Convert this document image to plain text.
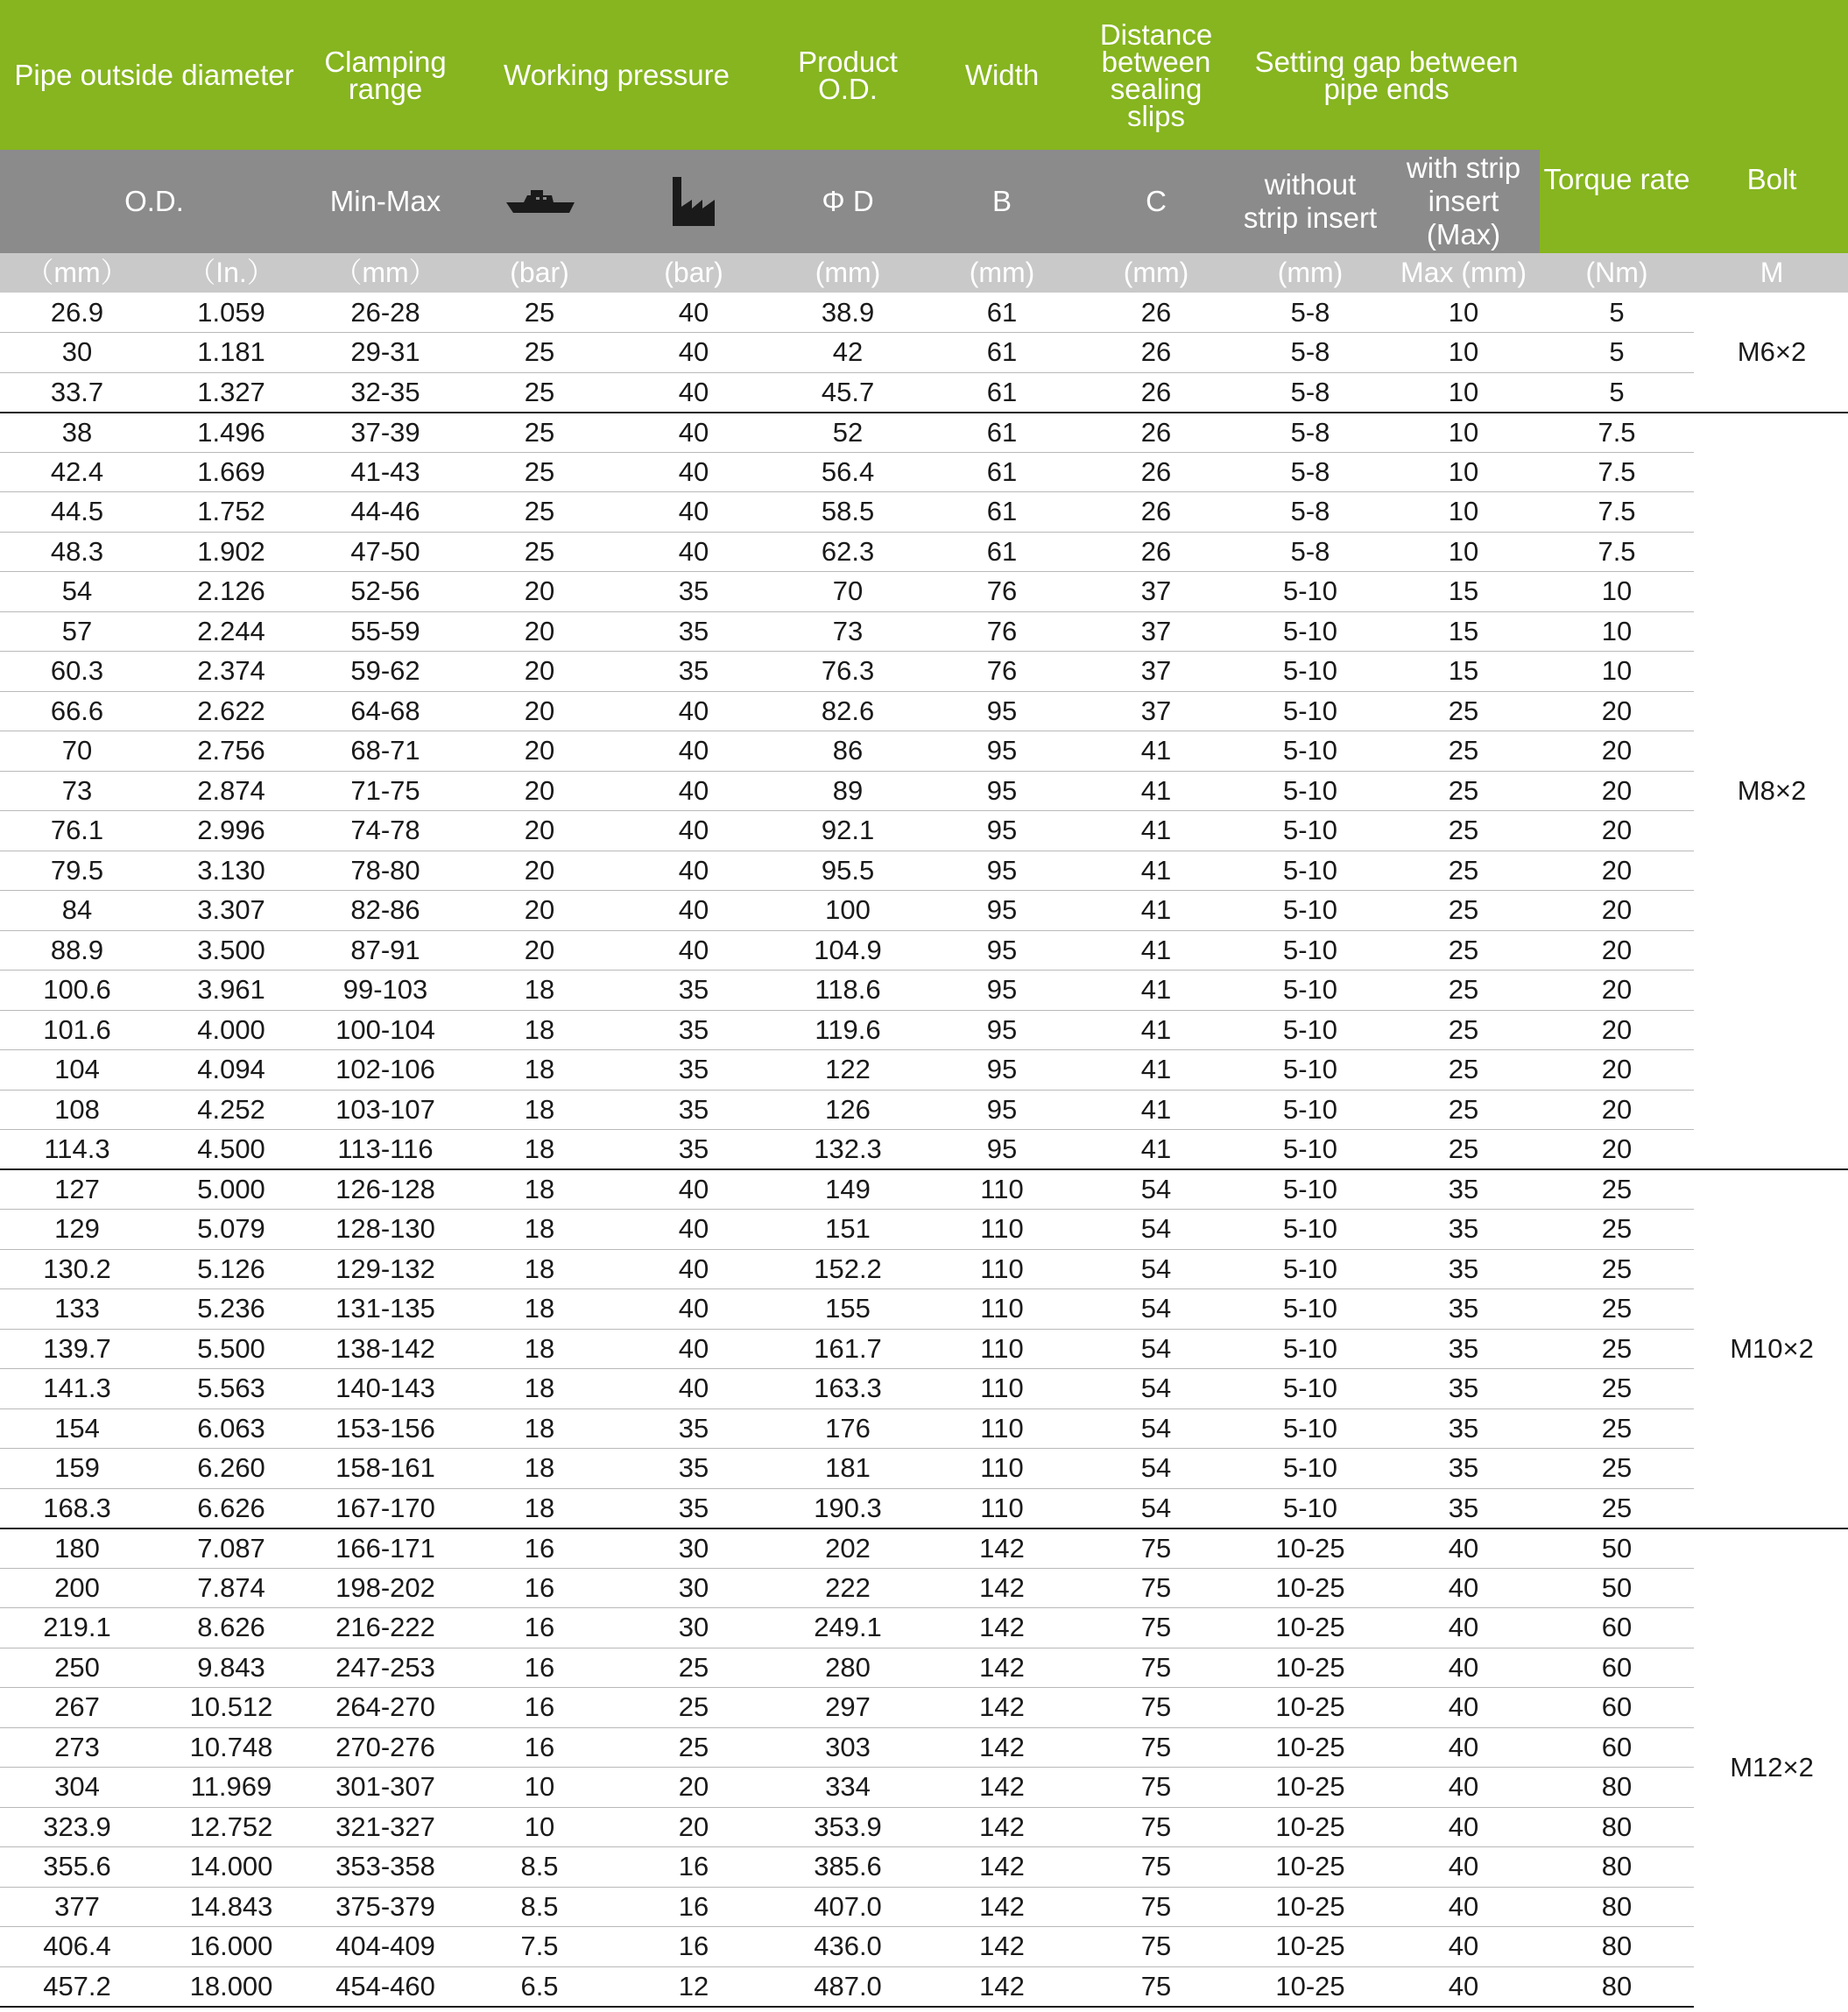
Pipe outside diameter		Clamping range	Working pressure		Product O.D.	Width	Distance between sealing slips	Setting gap between pipe ends		Torque rate	Bolt
O.D.		Min-Max			Φ D	B	C	without strip insert	with strip insert (Max)		

（mm）	（In.）	（mm）	(bar)	(bar)	(mm)	(mm)	(mm)	(mm)	Max (mm)	(Nm)	M
26.9	1.059	26-28	25	40	38.9	61	26	5-8	10	5	M6×2
30	1.181	29-31	25	40	42	61	26	5-8	10	5	
33.7	1.327	32-35	25	40	45.7	61	26	5-8	10	5	
38	1.496	37-39	25	40	52	61	26	5-8	10	7.5	M8×2
42.4	1.669	41-43	25	40	56.4	61	26	5-8	10	7.5	
44.5	1.752	44-46	25	40	58.5	61	26	5-8	10	7.5	
48.3	1.902	47-50	25	40	62.3	61	26	5-8	10	7.5	
54	2.126	52-56	20	35	70	76	37	5-10	15	10	
57	2.244	55-59	20	35	73	76	37	5-10	15	10	
60.3	2.374	59-62	20	35	76.3	76	37	5-10	15	10	
66.6	2.622	64-68	20	40	82.6	95	37	5-10	25	20	
70	2.756	68-71	20	40	86	95	41	5-10	25	20	
73	2.874	71-75	20	40	89	95	41	5-10	25	20	
76.1	2.996	74-78	20	40	92.1	95	41	5-10	25	20	
79.5	3.130	78-80	20	40	95.5	95	41	5-10	25	20	
84	3.307	82-86	20	40	100	95	41	5-10	25	20	
88.9	3.500	87-91	20	40	104.9	95	41	5-10	25	20	
100.6	3.961	99-103	18	35	118.6	95	41	5-10	25	20	
101.6	4.000	100-104	18	35	119.6	95	41	5-10	25	20	
104	4.094	102-106	18	35	122	95	41	5-10	25	20	
108	4.252	103-107	18	35	126	95	41	5-10	25	20	
114.3	4.500	113-116	18	35	132.3	95	41	5-10	25	20	
127	5.000	126-128	18	40	149	110	54	5-10	35	25	M10×2
129	5.079	128-130	18	40	151	110	54	5-10	35	25	
130.2	5.126	129-132	18	40	152.2	110	54	5-10	35	25	
133	5.236	131-135	18	40	155	110	54	5-10	35	25	
139.7	5.500	138-142	18	40	161.7	110	54	5-10	35	25	
141.3	5.563	140-143	18	40	163.3	110	54	5-10	35	25	
154	6.063	153-156	18	35	176	110	54	5-10	35	25	
159	6.260	158-161	18	35	181	110	54	5-10	35	25	
168.3	6.626	167-170	18	35	190.3	110	54	5-10	35	25	
180	7.087	166-171	16	30	202	142	75	10-25	40	50	M12×2
200	7.874	198-202	16	30	222	142	75	10-25	40	50	
219.1	8.626	216-222	16	30	249.1	142	75	10-25	40	60	
250	9.843	247-253	16	25	280	142	75	10-25	40	60	
267	10.512	264-270	16	25	297	142	75	10-25	40	60	
273	10.748	270-276	16	25	303	142	75	10-25	40	60	
304	11.969	301-307	10	20	334	142	75	10-25	40	80	
323.9	12.752	321-327	10	20	353.9	142	75	10-25	40	80	
355.6	14.000	353-358	8.5	16	385.6	142	75	10-25	40	80	
377	14.843	375-379	8.5	16	407.0	142	75	10-25	40	80	
406.4	16.000	404-409	7.5	16	436.0	142	75	10-25	40	80	
457.2	18.000	454-460	6.5	12	487.0	142	75	10-25	40	80	
